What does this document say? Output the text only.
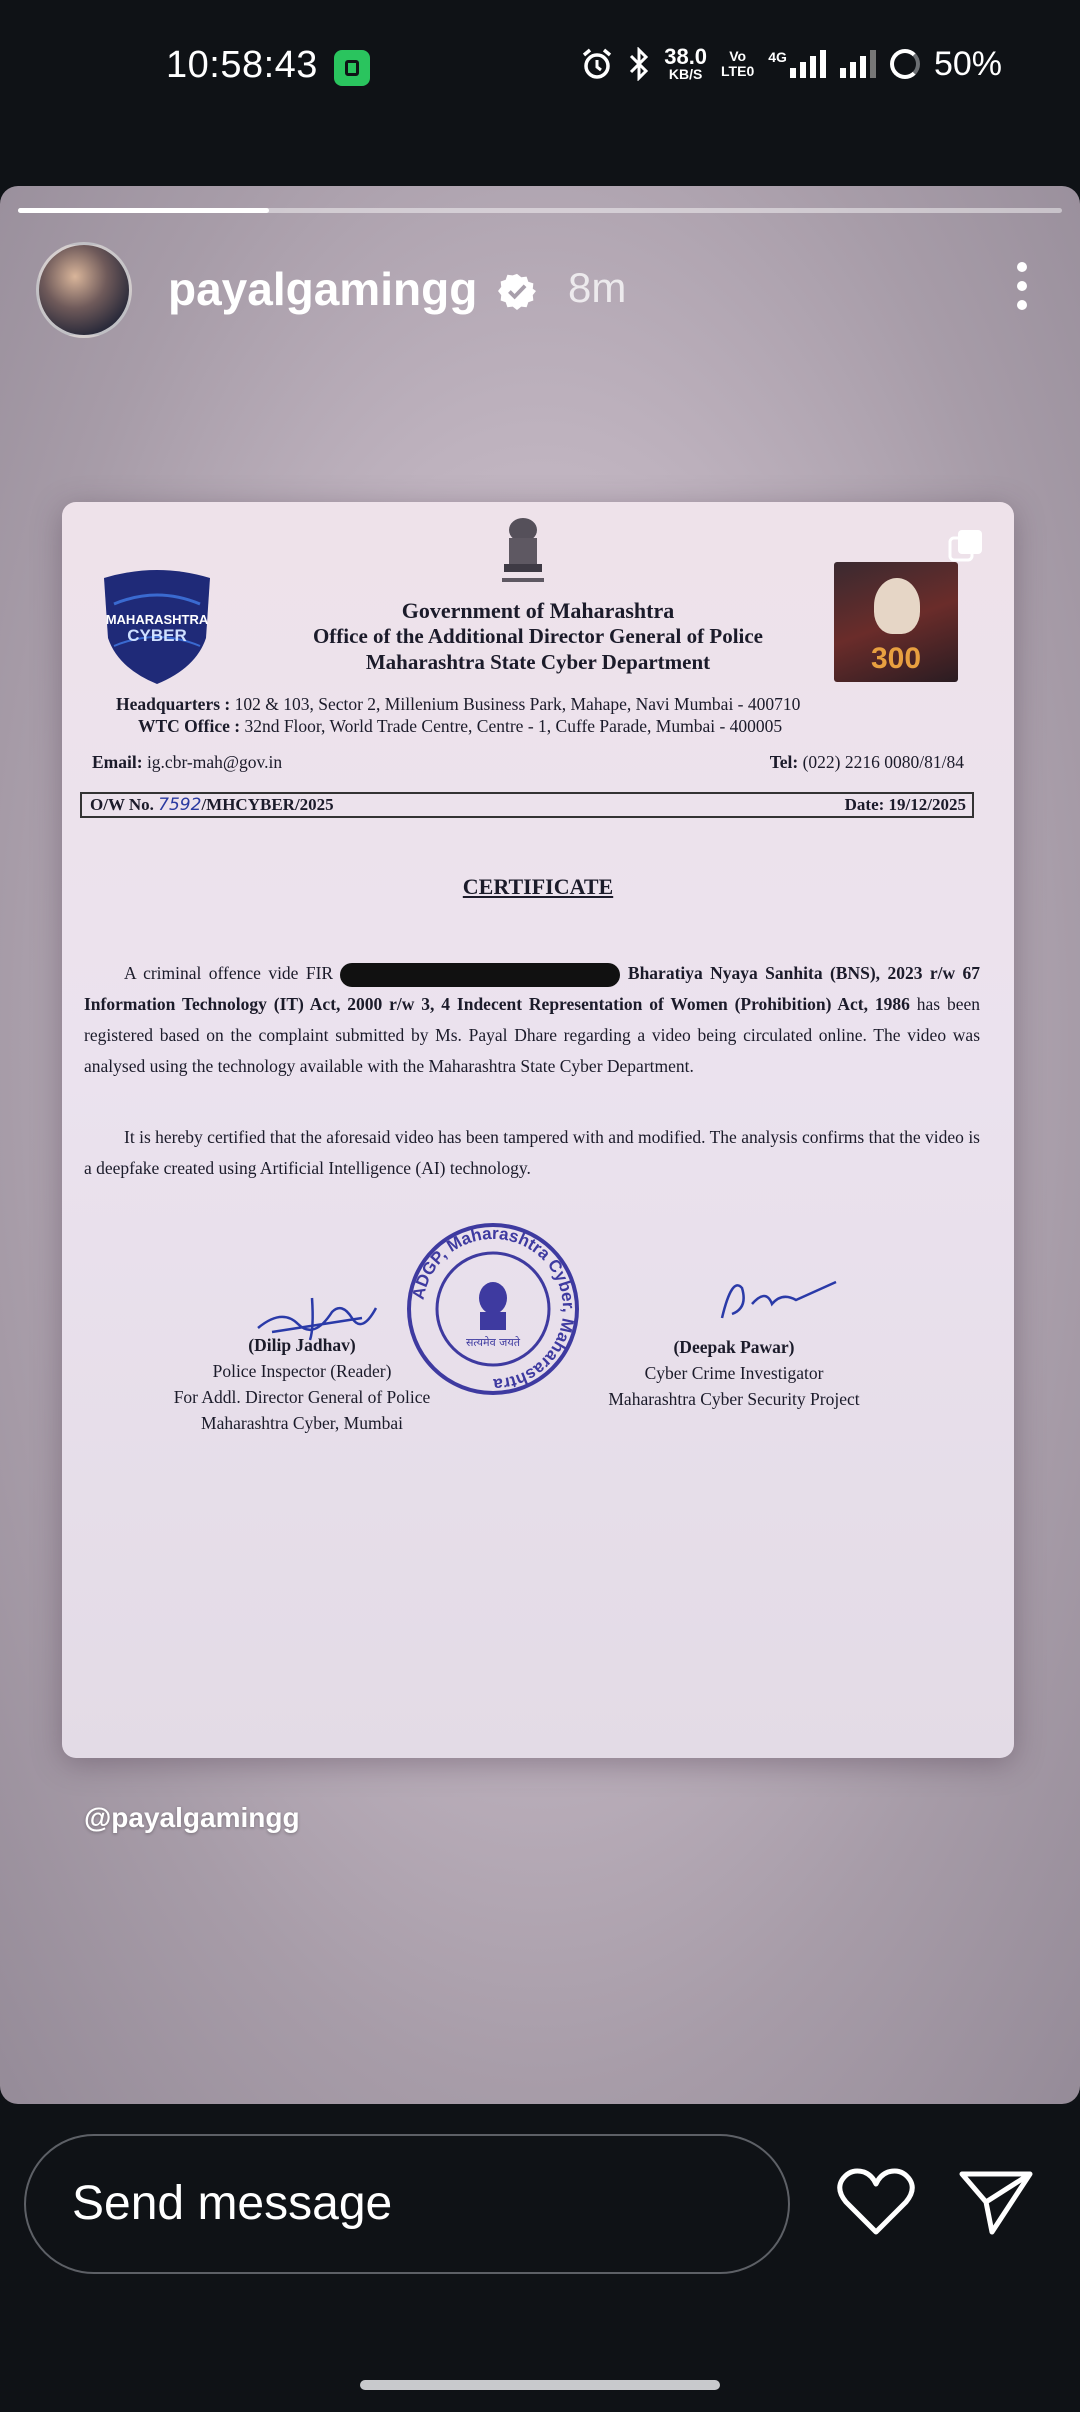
10:58:43	38.0
KB/S
Vo
LTE0
4G	50%
payalgamingg 8m
MAHARASHTRA
CYBER
300
Government of Maharashtra
Office of the Additional Director General of Police
Maharashtra State Cyber Department
Headquarters : 102 & 103, Sector 2, Millenium Business Park, Mahape, Navi Mumbai - 400710
WTC Office : 32nd Floor, World Trade Centre, Centre - 1, Cuffe Parade, Mumbai - 400005
Email: ig.cbr-mah@gov.in	Tel: (022) 2216 0080/81/84
O/W No. 7592/MHCYBER/2025	Date: 19/12/2025
CERTIFICATE
A criminal offence vide FIR	Bharatiya Nyaya Sanhita (BNS), 2023 r/w 67 Information Technology (IT) Act, 2000 r/w 3, 4 Indecent Representation of Women (Prohibition) Act, 1986 has been registered based on the complaint submitted by Ms. Payal Dhare regarding a video being circulated online. The video was analysed using the technology available with the Maharashtra State Cyber Department.
It is hereby certified that the aforesaid video has been tampered with and modified. The analysis confirms that the video is a deepfake created using Artificial Intelligence (AI) technology.
(Dilip Jadhav)
Police Inspector (Reader)
For Addl. Director General of Police
Maharashtra Cyber, Mumbai
ADGP, Maharashtra Cyber, Maharashtra
सत्यमेव जयते	(Deepak Pawar)
Cyber Crime Investigator
Maharashtra Cyber Security Project
@payalgamingg
Send message
